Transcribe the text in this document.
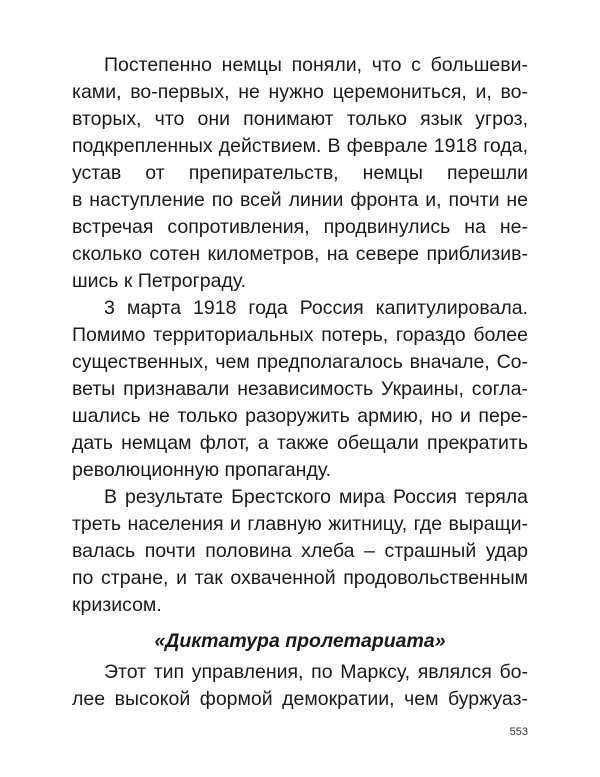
Постепенно немцы поняли, что с большеви-
ками, во-первых, не нужно церемониться, и, во-
вторых, что они понимают только язык угроз,
подкрепленных действием. В феврале 1918 года,
устав от препирательств, немцы перешли
в наступление по всей линии фронта и, почти не
встречая сопротивления, продвинулись на не-
сколько сотен километров, на севере приблизив-
шись к Петрограду.
3 марта 1918 года Россия капитулировала.
Помимо территориальных потерь, гораздо более
существенных, чем предполагалось вначале, Со-
веты признавали независимость Украины, согла-
шались не только разоружить армию, но и пере-
дать немцам флот, а также обещали прекратить
революционную пропаганду.
В результате Брестского мира Россия теряла
треть населения и главную житницу, где выращи-
валась почти половина хлеба – страшный удар
по стране, и так охваченной продовольственным
кризисом.
«Диктатура пролетариата»
Этот тип управления, по Марксу, являлся бо-
лее высокой формой демократии, чем буржуаз-
553
